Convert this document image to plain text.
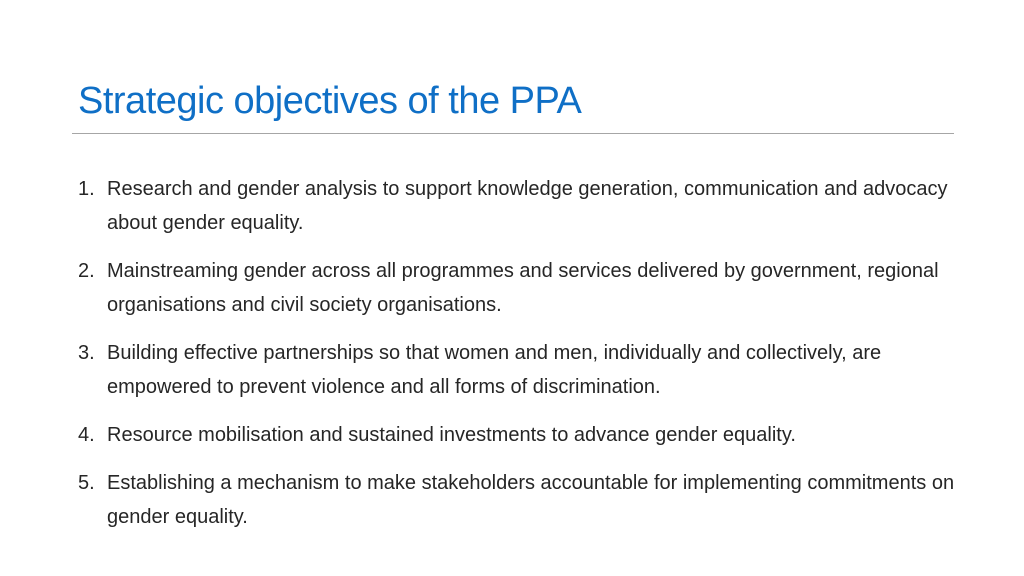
Strategic objectives of the PPA
1. Research and gender analysis to support knowledge generation, communication and advocacy about gender equality.
2. Mainstreaming gender across all programmes and services delivered by government, regional organisations and civil society organisations.
3. Building effective partnerships so that women and men, individually and collectively, are empowered to prevent violence and all forms of discrimination.
4. Resource mobilisation and sustained investments to advance gender equality.
5. Establishing a mechanism to make stakeholders accountable for implementing commitments on gender equality.
